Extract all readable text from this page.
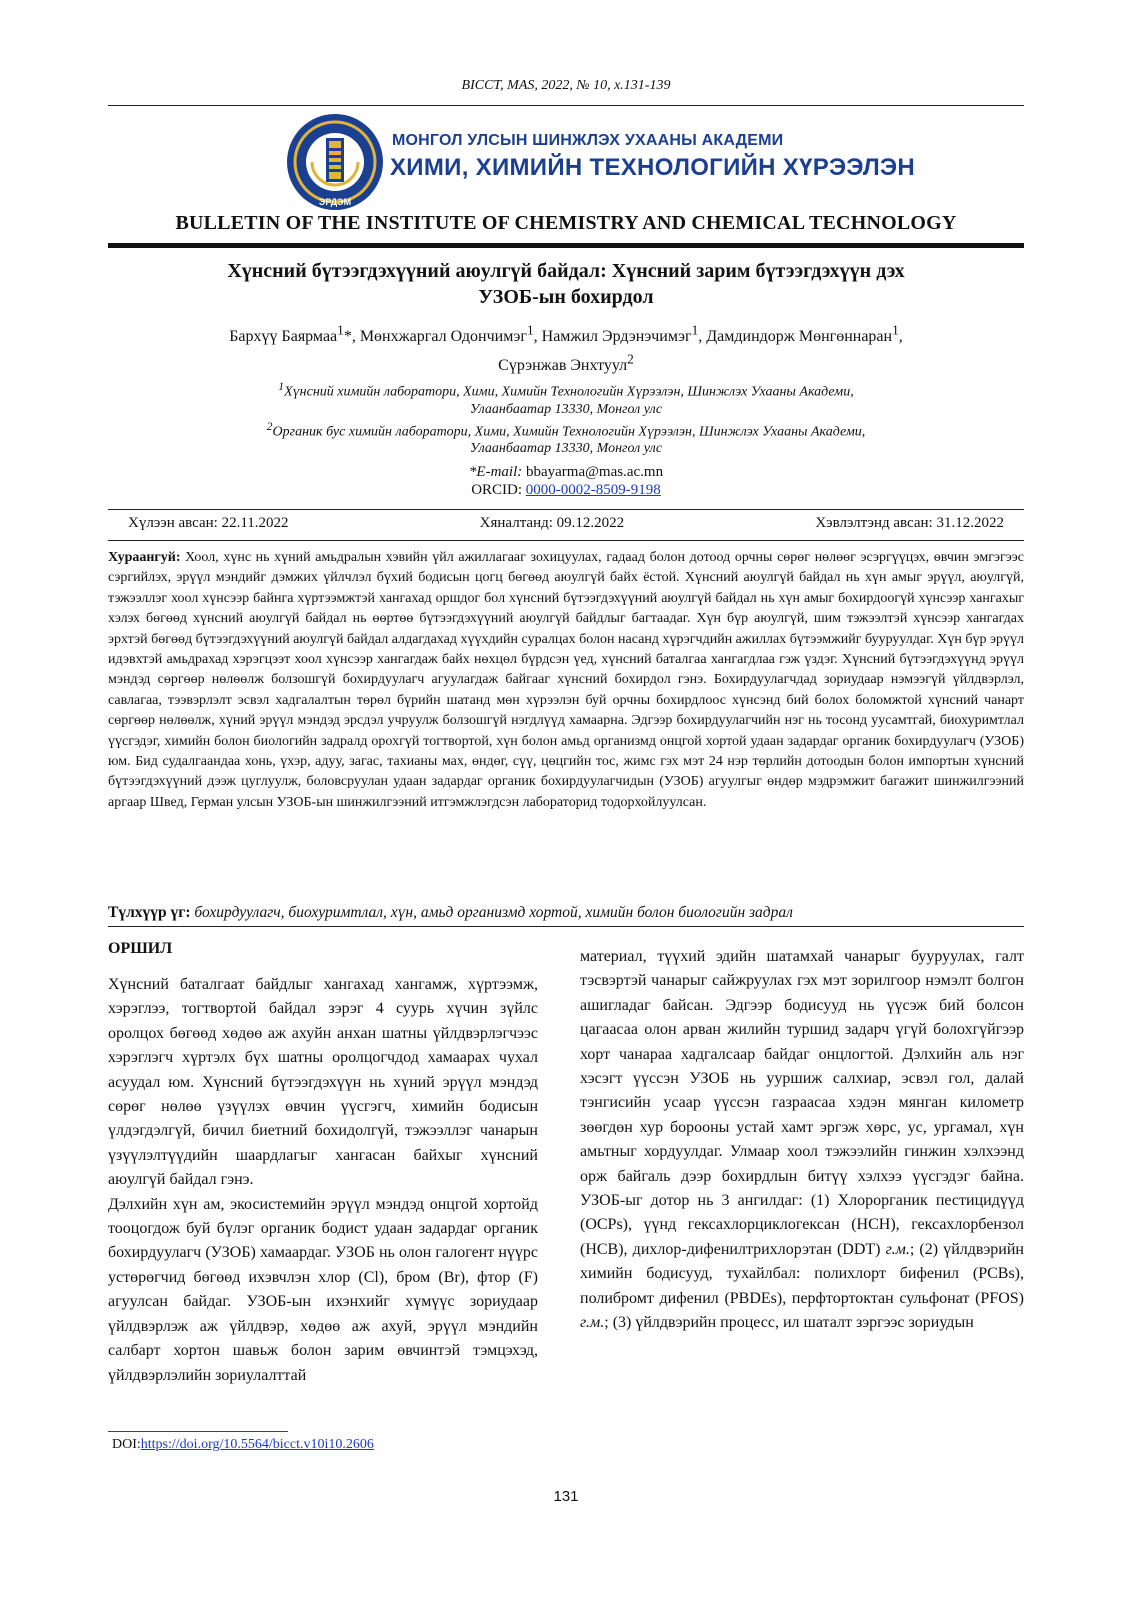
BICCT, MAS, 2022, № 10, х.131-139
ЭРДЭМ
МОНГОЛ УЛСЫН ШИНЖЛЭХ УХААНЫ АКАДЕМИ
ХИМИ, ХИМИЙН ТЕХНОЛОГИЙН ХҮРЭЭЛЭН
BULLETIN OF THE INSTITUTE OF CHEMISTRY AND CHEMICAL TECHNOLOGY
Хүнсний бүтээгдэхүүний аюулгүй байдал: Хүнсний зарим бүтээгдэхүүн дэх
УЗОБ-ын бохирдол
Бархүү Баярмаа$^1$*, Мөнхжаргал Одончимэг$^1$, Намжил Эрдэнэчимэг$^1$, Дамдиндорж Мөнгөннаран$^1$,
Сүрэнжав Энхтуул$^2$
$^1$Хүнсний химийн лаборатори, Хими, Химийн Технологийн Хүрээлэн, Шинжлэх Ухааны Академи,
Улаанбаатар 13330, Монгол улс
$^2$Органик бус химийн лаборатори, Хими, Химийн Технологийн Хүрээлэн, Шинжлэх Ухааны Академи,
Улаанбаатар 13330, Монгол улс
*E-mail: bbayarma@mas.ac.mn
ORCID: 0000-0002-8509-9198
Хүлээн авсан: 22.11.2022	Хяналтанд: 09.12.2022	Хэвлэлтэнд авсан: 31.12.2022
Хураангуй: Хоол, хүнс нь хүний амьдралын хэвийн үйл ажиллагааг зохицуулах, гадаад болон дотоод орчны сөрөг нөлөөг эсэргүүцэх, өвчин эмгэгээс сэргийлэх, эрүүл мэндийг дэмжих үйлчлэл бүхий бодисын цогц бөгөөд аюулгүй байх ёстой. Хүнсний аюулгүй байдал нь хүн амыг эрүүл, аюулгүй, тэжээллэг хоол хүнсээр байнга хүртээмжтэй хангахад оршдог бол хүнсний бүтээгдэхүүний аюулгүй байдал нь хүн амыг бохирдоогүй хүнсээр хангахыг хэлэх бөгөөд хүнсний аюулгүй байдал нь өөртөө бүтээгдэхүүний аюулгүй байдлыг багтаадаг. Хүн бүр аюулгүй, шим тэжээлтэй хүнсээр хангагдах эрхтэй бөгөөд бүтээгдэхүүний аюулгүй байдал алдагдахад хүүхдийн суралцах болон насанд хүрэгчдийн ажиллах бүтээмжийг бууруулдаг. Хүн бүр эрүүл идэвхтэй амьдрахад хэрэгцээт хоол хүнсээр хангагдаж байх нөхцөл бүрдсэн үед, хүнсний баталгаа хангагдлаа гэж үздэг. Хүнсний бүтээгдэхүүнд эрүүл мэндэд сөргөөр нөлөөлж болзошгүй бохирдуулагч агуулагдаж байгааг хүнсний бохирдол гэнэ. Бохирдуулагчдад зориудаар нэмээгүй үйлдвэрлэл, савлагаа, тээвэрлэлт эсвэл хадгалалтын төрөл бүрийн шатанд мөн хүрээлэн буй орчны бохирдлоос хүнсэнд бий болох боломжтой хүнсний чанарт сөргөөр нөлөөлж, хүний эрүүл мэндэд эрсдэл учруулж болзошгүй нэгдлүүд хамаарна. Эдгээр бохирдуулагчийн нэг нь тосонд уусамтгай, биохуримтлал үүсгэдэг, химийн болон биологийн задралд орохгүй тогтвортой, хүн болон амьд организмд онцгой хортой удаан задардаг органик бохирдуулагч (УЗОБ) юм. Бид судалгаандаа хонь, үхэр, адуу, загас, тахианы мах, өндөг, сүү, цөцгийн тос, жимс гэх мэт 24 нэр төрлийн дотоодын болон импортын хүнсний бүтээгдэхүүний дээж цуглуулж, боловсруулан удаан задардаг органик бохирдуулагчидын (УЗОБ) агуулгыг өндөр мэдрэмжит багажит шинжилгээний аргаар Швед, Герман улсын УЗОБ-ын шинжилгээний итгэмжлэгдсэн лабораторид тодорхойлуулсан.
Түлхүүр үг: бохирдуулагч, биохуримтлал, хүн, амьд организмд хортой, химийн болон биологийн задрал
ОРШИЛ

Хүнсний баталгаат байдлыг хангахад хангамж, хүртээмж, хэрэглээ, тогтвортой байдал зэрэг 4 суурь хүчин зүйлс оролцох бөгөөд хөдөө аж ахуйн анхан шатны үйлдвэрлэгчээс хэрэглэгч хүртэлх бүх шатны оролцогчдод хамаарах чухал асуудал юм. Хүнсний бүтээгдэхүүн нь хүний эрүүл мэндэд сөрөг нөлөө үзүүлэх өвчин үүсгэгч, химийн бодисын үлдэгдэлгүй, бичил биетний бохидолгүй, тэжээллэг чанарын үзүүлэлтүүдийн шаардлагыг хангасан байхыг хүнсний аюулгүй байдал гэнэ.

Дэлхийн хүн ам, экосистемийн эрүүл мэндэд онцгой хортойд тооцогдож буй бүлэг органик бодист удаан задардаг органик бохирдуулагч (УЗОБ) хамаардаг. УЗОБ нь олон галогент нүүрс устөрөгчид бөгөөд ихэвчлэн хлор (Cl), бром (Br), фтор (F) агуулсан байдаг. УЗОБ-ын ихэнхийг хүмүүс зориудаар үйлдвэрлэж аж үйлдвэр, хөдөө аж ахуй, эрүүл мэндийн салбарт хортон шавьж болон зарим өвчинтэй тэмцэхэд, үйлдвэрлэлийн зориулалттай

материал, түүхий эдийн шатамхай чанарыг бууруулах, галт тэсвэртэй чанарыг сайжруулах гэх мэт зорилгоор нэмэлт болгон ашигладаг байсан. Эдгээр бодисууд нь үүсэж бий болсон цагаасаа олон арван жилийн туршид задарч үгүй болохгүйгээр хорт чанараа хадгалсаар байдаг онцлогтой. Дэлхийн аль нэг хэсэгт үүссэн УЗОБ нь ууршиж салхиар, эсвэл гол, далай тэнгисийн усаар үүссэн газраасаа хэдэн мянган километр зөөгдөн хур борооны устай хамт эргэж хөрс, ус, ургамал, хүн амьтныг хордуулдаг. Улмаар хоол тэжээлийн гинжин хэлхээнд орж байгаль дээр бохирдлын битүү хэлхээ үүсгэдэг байна. УЗОБ-ыг дотор нь 3 ангилдаг: (1) Хлорорганик пестицидүүд (OCPs), үүнд гексахлорциклогексан (HCH), гексахлорбензол (HCB), дихлор-дифенилтрихлорэтан (DDT) г.м.; (2) үйлдвэрийн химийн бодисууд, тухайлбал: полихлорт бифенил (PCBs), полибромт дифенил (PBDEs), перфтортоктан сульфонат (PFOS) г.м.; (3) үйлдвэрийн процесс, ил шаталт зэргээс зориудын

DOI:https://doi.org/10.5564/bicct.v10i10.2606
131
